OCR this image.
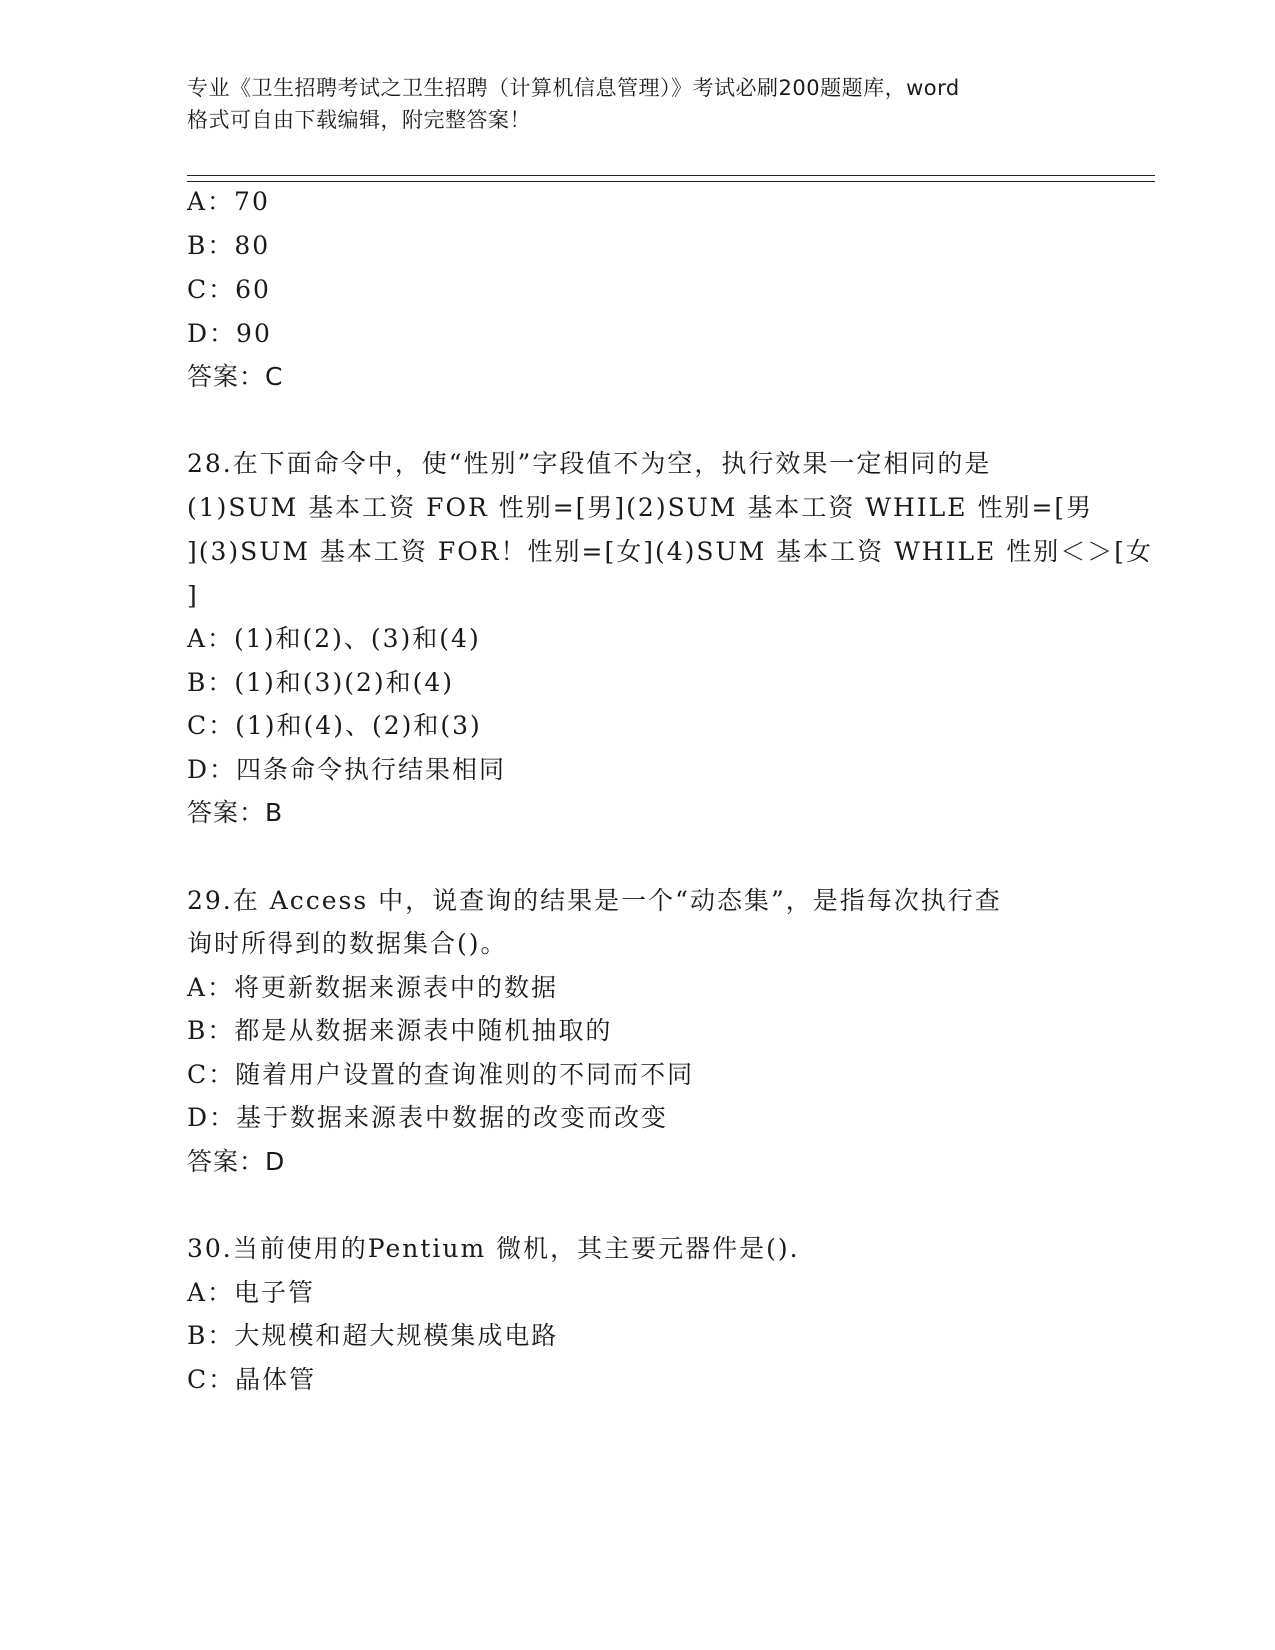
专业《卫生招聘考试之卫生招聘（计算机信息管理）》考试必刷200题题库，word
格式可自由下载编辑，附完整答案！
A：70
B：80
C：60
D：90
答案：C
28.在下面命令中，使“性别”字段值不为空，执行效果一定相同的是
(1)SUM 基本工资 FOR 性别=[男](2)SUM 基本工资 WHILE 性别=[男
](3)SUM 基本工资 FOR！性别=[女](4)SUM 基本工资 WHILE 性别＜＞[女
]
A：(1)和(2)、(3)和(4)
B：(1)和(3)(2)和(4)
C：(1)和(4)、(2)和(3)
D：四条命令执行结果相同
答案：B
29.在 Access 中，说查询的结果是一个“动态集”，是指每次执行查
询时所得到的数据集合()。
A：将更新数据来源表中的数据
B：都是从数据来源表中随机抽取的
C：随着用户设置的查询准则的不同而不同
D：基于数据来源表中数据的改变而改变
答案：D
30.当前使用的Pentium 微机，其主要元器件是().
A：电子管
B：大规模和超大规模集成电路
C：晶体管
